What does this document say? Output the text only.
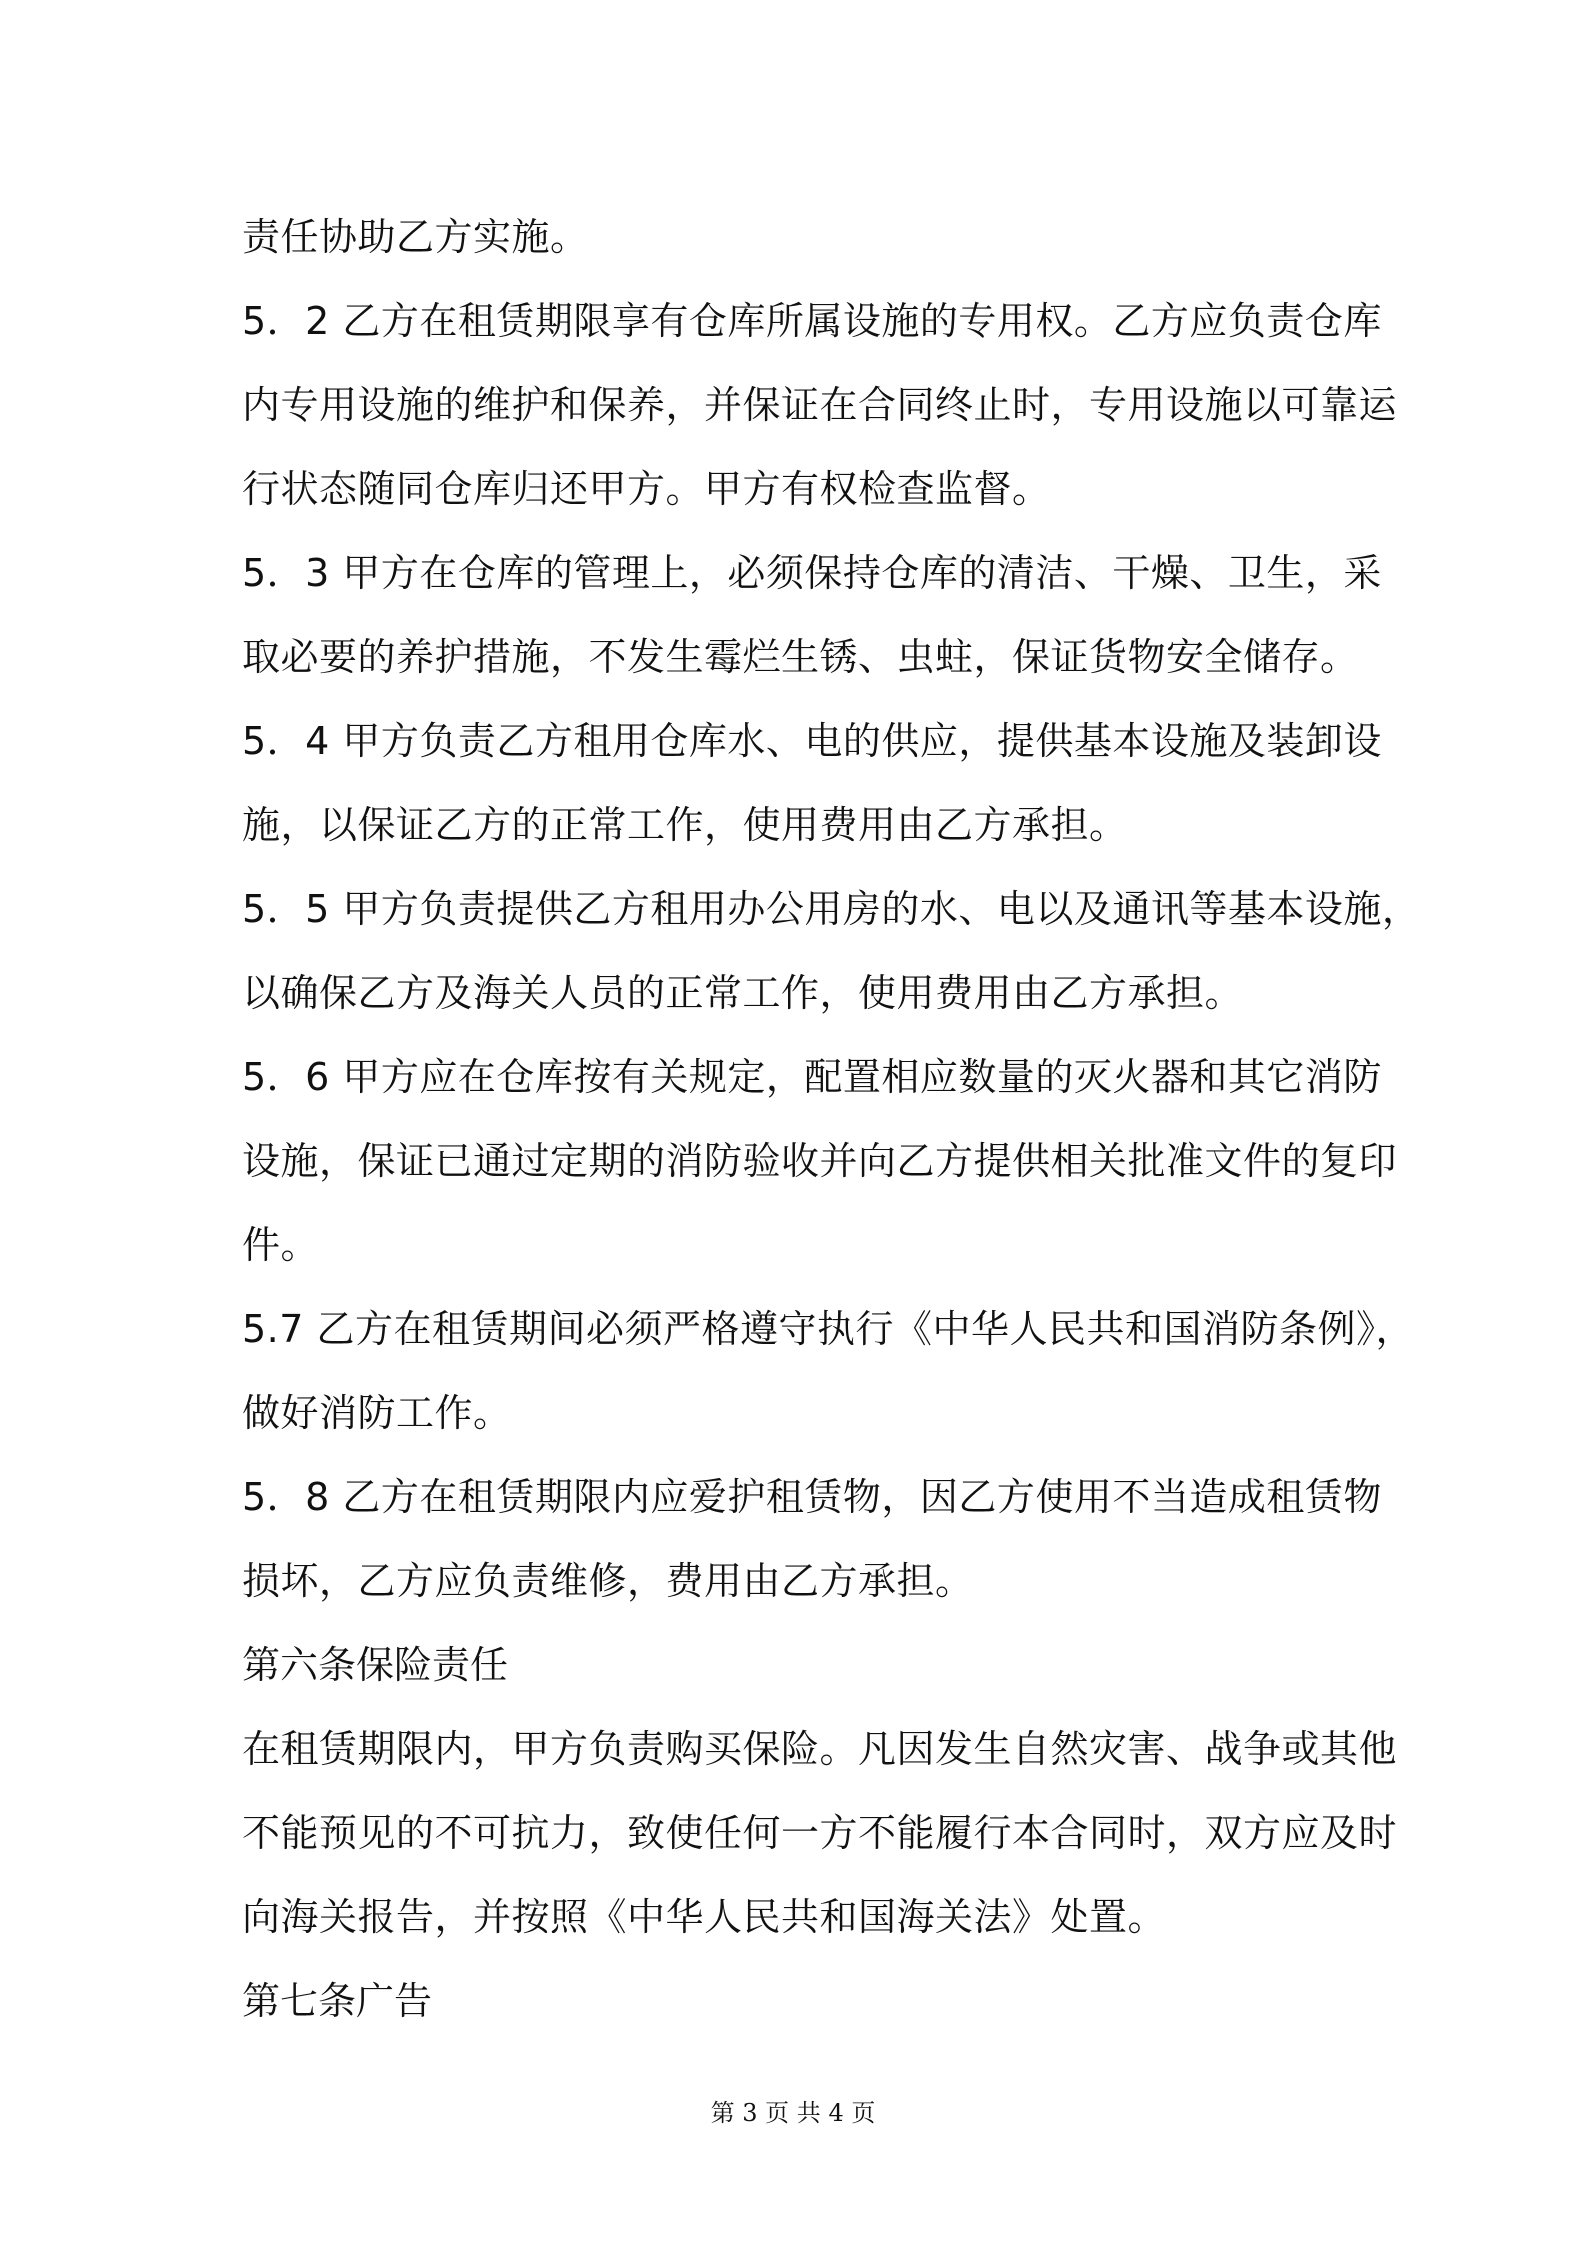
责任协助乙方实施。
5．2 乙方在租赁期限享有仓库所属设施的专用权。乙方应负责仓库
内专用设施的维护和保养，并保证在合同终止时，专用设施以可靠运
行状态随同仓库归还甲方。甲方有权检查监督。
5．3 甲方在仓库的管理上，必须保持仓库的清洁、干燥、卫生，采
取必要的养护措施，不发生霉烂生锈、虫蛀，保证货物安全储存。
5．4 甲方负责乙方租用仓库水、电的供应，提供基本设施及装卸设
施，以保证乙方的正常工作，使用费用由乙方承担。
5．5 甲方负责提供乙方租用办公用房的水、电以及通讯等基本设施，
以确保乙方及海关人员的正常工作，使用费用由乙方承担。
5．6 甲方应在仓库按有关规定，配置相应数量的灭火器和其它消防
设施，保证已通过定期的消防验收并向乙方提供相关批准文件的复印
件。
5.7 乙方在租赁期间必须严格遵守执行《中华人民共和国消防条例》，
做好消防工作。
5．8 乙方在租赁期限内应爱护租赁物，因乙方使用不当造成租赁物
损坏，乙方应负责维修，费用由乙方承担。
第六条保险责任
在租赁期限内，甲方负责购买保险。凡因发生自然灾害、战争或其他
不能预见的不可抗力，致使任何一方不能履行本合同时，双方应及时
向海关报告，并按照《中华人民共和国海关法》处置。
第七条广告
第 3 页 共 4 页
